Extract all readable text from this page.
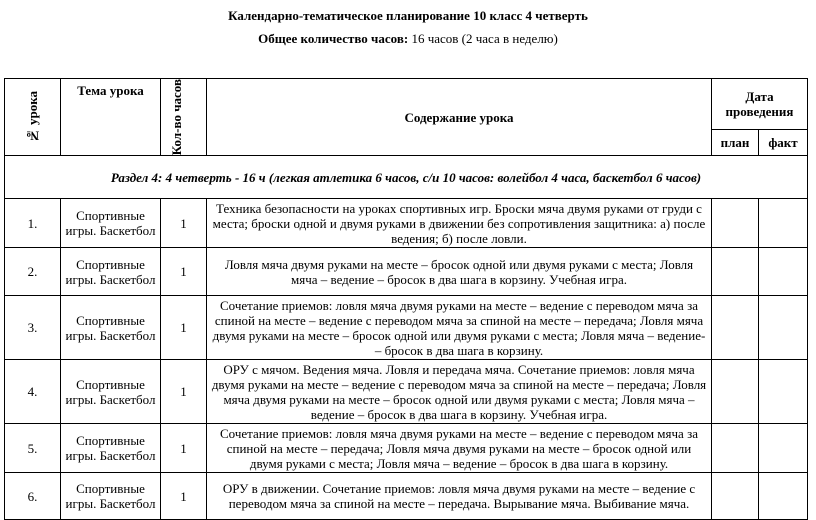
Календарно-тематическое планирование 10 класс 4 четверть
Общее количество часов: 16 часов (2 часа в неделю)
№ урока	Тема урока	Кол-во часов	Содержание урока	Дата проведения	
				план	факт
Раздел 4: 4 четверть - 16 ч (легкая атлетика 6 часов, с/и 10 часов: волейбол 4 часа, баскетбол 6 часов)					
1.	Спортивные игры. Баскетбол	1	Техника безопасности на уроках спортивных игр. Броски мяча двумя руками от груди с места; броски одной и двумя руками в движении без сопротивления защитника: а) после ведения; б) после ловли.		
2.	Спортивные игры. Баскетбол	1	Ловля мяча двумя руками на месте – бросок одной или двумя руками с места; Ловля мяча – ведение – бросок в два шага в корзину. Учебная игра.		
3.	Спортивные игры. Баскетбол	1	Сочетание приемов: ловля мяча двумя руками на месте – ведение с переводом мяча за спиной на месте – ведение с переводом мяча за спиной на месте – передача; Ловля мяча двумя руками на месте – бросок одной или двумя руками с места; Ловля мяча – ведение- – бросок в два шага в корзину.		
4.	Спортивные игры. Баскетбол	1	ОРУ с мячом. Ведения мяча. Ловля и передача мяча. Сочетание приемов: ловля мяча двумя руками на месте – ведение с переводом мяча за спиной на месте – передача; Ловля мяча двумя руками на месте – бросок одной или двумя руками с места; Ловля мяча – ведение – бросок в два шага в корзину. Учебная игра.		
5.	Спортивные игры. Баскетбол	1	Сочетание приемов: ловля мяча двумя руками на месте – ведение с переводом мяча за спиной на месте – передача; Ловля мяча двумя руками на месте – бросок одной или двумя руками с места; Ловля мяча – ведение – бросок в два шага в корзину.		
6.	Спортивные игры. Баскетбол	1	ОРУ в движении. Сочетание приемов: ловля мяча двумя руками на месте – ведение с переводом мяча за спиной на месте – передача. Вырывание мяча. Выбивание мяча.		
